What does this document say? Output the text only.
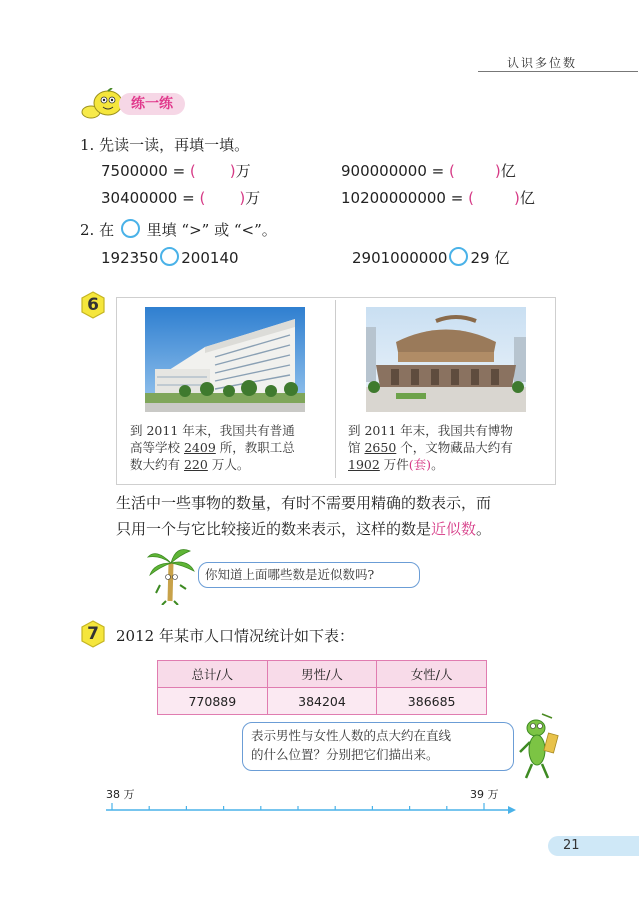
认识多位数
练一练
1. 先读一读，再填一填。
7500000 = ( )万	900000000 = (	)亿
30400000 = ( )万	10200000000 = (	)亿
2. 在 里填 “>” 或 “<”。
192350 200140	2901000000 29 亿
6
到 2011 年末，我国共有普通
高等学校 2409 所，教职工总
数大约有 220 万人。
到 2011 年末，我国共有博物
馆 2650 个，文物藏品大约有
1902 万件(套)。
生活中一些事物的数量，有时不需要用精确的数表示，而
只用一个与它比较接近的数来表示，这样的数是近似数。
你知道上面哪些数是近似数吗?
7	2012 年某市人口情况统计如下表：
总计/人	男性/人	女性/人
770889	384204	386685
表示男性与女性人数的点大约在直线
的什么位置？分别把它们描出来。
38 万	39 万
21
